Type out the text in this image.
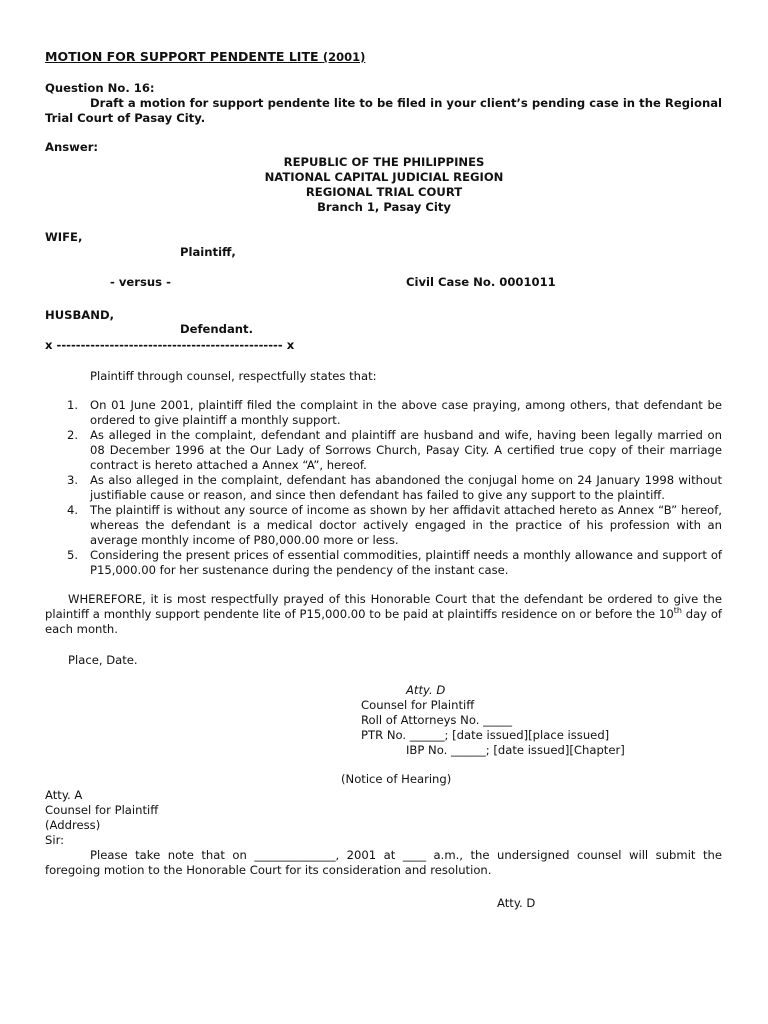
MOTION FOR SUPPORT PENDENTE LITE (2001)
Question No. 16:
Draft a motion for support pendente lite to be filed in your client’s pending case in the Regional Trial Court of Pasay City.
Answer:
REPUBLIC OF THE PHILIPPINES
NATIONAL CAPITAL JUDICIAL REGION
REGIONAL TRIAL COURT
Branch 1, Pasay City
WIFE,
Plaintiff,
- versus -	Civil Case No. 0001011
HUSBAND,
Defendant.
x ----------------------------------------------- x
Plaintiff through counsel, respectfully states that:
1. On 01 June 2001, plaintiff filed the complaint in the above case praying, among others, that defendant be ordered to give plaintiff a monthly support.
2. As alleged in the complaint, defendant and plaintiff are husband and wife, having been legally married on 08 December 1996 at the Our Lady of Sorrows Church, Pasay City. A certified true copy of their marriage contract is hereto attached a Annex “A”, hereof.
3. As also alleged in the complaint, defendant has abandoned the conjugal home on 24 January 1998 without justifiable cause or reason, and since then defendant has failed to give any support to the plaintiff.
4. The plaintiff is without any source of income as shown by her affidavit attached hereto as Annex “B” hereof, whereas the defendant is a medical doctor actively engaged in the practice of his profession with an average monthly income of P80,000.00 more or less.
5. Considering the present prices of essential commodities, plaintiff needs a monthly allowance and support of P15,000.00 for her sustenance during the pendency of the instant case.
WHEREFORE, it is most respectfully prayed of this Honorable Court that the defendant be ordered to give the plaintiff a monthly support pendente lite of P15,000.00 to be paid at plaintiffs residence on or before the 10th day of each month.
Place, Date.
Atty. D
Counsel for Plaintiff
Roll of Attorneys No. _____
PTR No. ______; [date issued][place issued]
IBP No. ______; [date issued][Chapter]
(Notice of Hearing)
Atty. A
Counsel for Plaintiff
(Address)
Sir:
Please take note that on ______________, 2001 at ____ a.m., the undersigned counsel will submit the foregoing motion to the Honorable Court for its consideration and resolution.
Atty. D
